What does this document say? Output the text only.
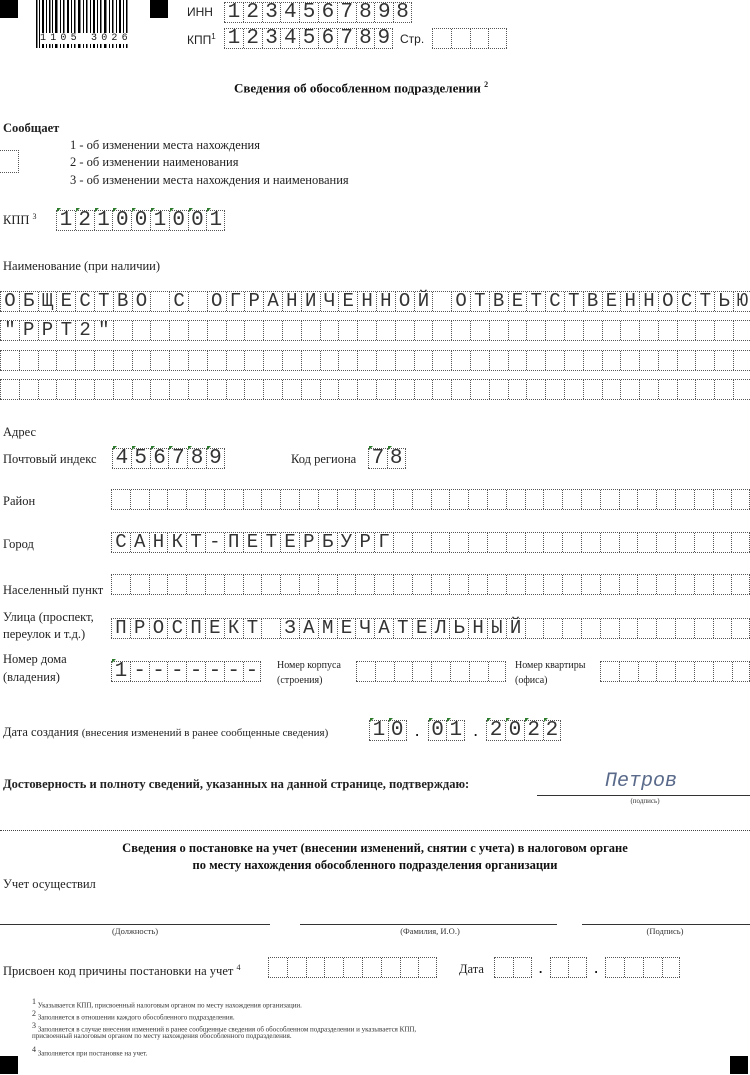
1105 3026
ИНН 1 2 3 4 5 6 7 8 9 8
КПП$^1$ 1 2 3 4 5 6 7 8 9 Стр.
Сведения об обособленном подразделении $^2$
Сообщает
1 - об изменении места нахождения
2 - об изменении наименования
3 - об изменении места нахождения и наименования
КПП $^3$ 1 2 1 0 0 1 0 0 1
Наименование (при наличии)
О Б Щ Е С Т В О С О Г Р А Н И Ч Е Н Н О Й О Т В Е Т С Т В Е Н Н О С Т Ь Ю
" Р Р Т 2 "
Адрес
Почтовый индекс 4 5 6 7 8 9	Код региона 7 8
Район
Город	С А Н К Т - П Е Т Е Р Б У Р Г
Населенный пункт
Улица (проспект,
переулок и т.д.)	П Р О С П Е К Т З А М Е Ч А Т Е Л Ь Н Ы Й
Номер дома
(владения)	1 - - - - - - -	Номер корпуса
(строения)
Номер квартиры
(офиса)
Дата создания (внесения изменений в ранее сообщенные сведения) 1 0 . 0 1 . 2 0 2 2
Достоверность и полноту сведений, указанных на данной странице, подтверждаю:	Петров
(подпись)
Сведения о постановке на учет (внесении изменений, снятии с учета) в налоговом органе
по месту нахождения обособленного подразделения организации
Учет осуществил
(Должность)	(Фамилия, И.О.)	(Подпись)
Присвоен код причины постановки на учет $^4$	Дата	.	.
$^1$ Указывается КПП, присвоенный налоговым органом по месту нахождения организации.
$^2$ Заполняется в отношении каждого обособленного подразделения.
$^3$ Заполняется в случае внесения изменений в ранее сообщенные сведения об обособленном подразделении и указывается КПП,
присвоенный налоговым органом по месту нахождения обособленного подразделения.
$^4$ Заполняется при постановке на учет.
